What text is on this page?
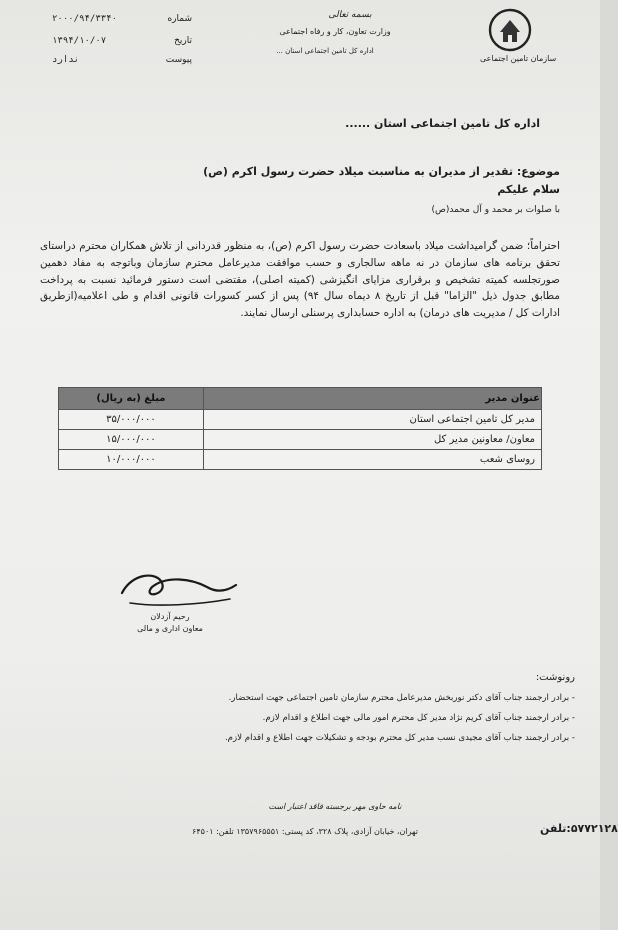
سازمان تامین اجتماعی
بسمه تعالی
وزارت تعاون، کار و رفاه اجتماعی
اداره کل تامین اجتماعی استان ...
شماره
۲۰۰۰/۹۴/۳۳۴۰
تاریخ
۱۳۹۴/۱۰/۰۷
پیوست
ندارد
اداره کل تامین اجتماعی استان ......
موضوع: تقدیر از مدیران به مناسبت میلاد حضرت رسول اکرم (ص)
سلام علیکم
با صلوات بر محمد و آل محمد(ص)
احتراماً؛ ضمن گرامیداشت میلاد باسعادت حضرت رسول اکرم (ص)، به منظور قدردانی از تلاش همکاران محترم دراستای تحقق برنامه های سازمان در نه ماهه سالجاری و حسب موافقت مدیرعامل محترم سازمان وباتوجه به مفاد دهمین صورتجلسه کمیته تشخیص و برقراری مزایای انگیزشی (کمیته اصلی)، مقتضی است دستور فرمائید نسبت به پرداخت مطابق جدول ذیل "الزاما" قبل از تاریخ ۸ دیماه سال ۹۴) پس از کسر کسورات قانونی اقدام و طی اعلامیه(ازطریق ادارات کل / مدیریت های درمان) به اداره حسابداری پرسنلی ارسال نمایند.
عنوان مدیر	مبلغ (به ریال)
مدیر کل تامین اجتماعی استان	۳۵/۰۰۰/۰۰۰
معاون/ معاونین مدیر کل	۱۵/۰۰۰/۰۰۰
روسای شعب	۱۰/۰۰۰/۰۰۰
رحیم آزدلان
معاون اداری و مالی
رونوشت:
- برادر ارجمند جناب آقای دکتر نوربخش مدیرعامل محترم سازمان تامین اجتماعی جهت استحضار.
- برادر ارجمند جناب آقای کریم نژاد مدیر کل محترم امور مالی جهت اطلاع و اقدام لازم.
- برادر ارجمند جناب آقای مجیدی نسب مدیر کل محترم بودجه و تشکیلات جهت اطلاع و اقدام لازم.
نامه حاوی مهر برجسته فاقد اعتبار است
تهران، خیابان آزادی، پلاک ۳۲۸، کد پستی: ۱۳۵۷۹۶۵۵۵۱ تلفن: ۶۴۵۰۱	۵۷۷۲۱۲۸:تلفن
